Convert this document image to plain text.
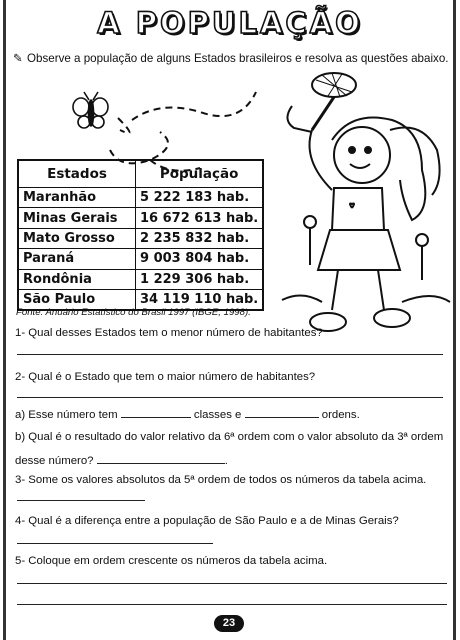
A POPULAÇÃO
✎ Observe a população de alguns Estados brasileiros e resolva as questões abaixo.
Estados	População
Maranhão	5 222 183 hab.
Minas Gerais	16 672 613 hab.
Mato Grosso	2 235 832 hab.
Paraná	9 003 804 hab.
Rondônia	1 229 306 hab.
São Paulo	34 119 110 hab.
Fonte: Anuário Estatístico do Brasil 1997 (IBGE, 1998).
1- Qual desses Estados tem o menor número de habitantes?
2- Qual é o Estado que tem o maior número de habitantes?
a) Esse número tem	classes e	ordens.
b) Qual é o resultado do valor relativo da 6ª ordem com o valor absoluto da 3ª ordem
desse número?	.
3- Some os valores absolutos da 5ª ordem de todos os números da tabela acima.
4- Qual é a diferença entre a população de São Paulo e a de Minas Gerais?
5- Coloque em ordem crescente os números da tabela acima.
23
